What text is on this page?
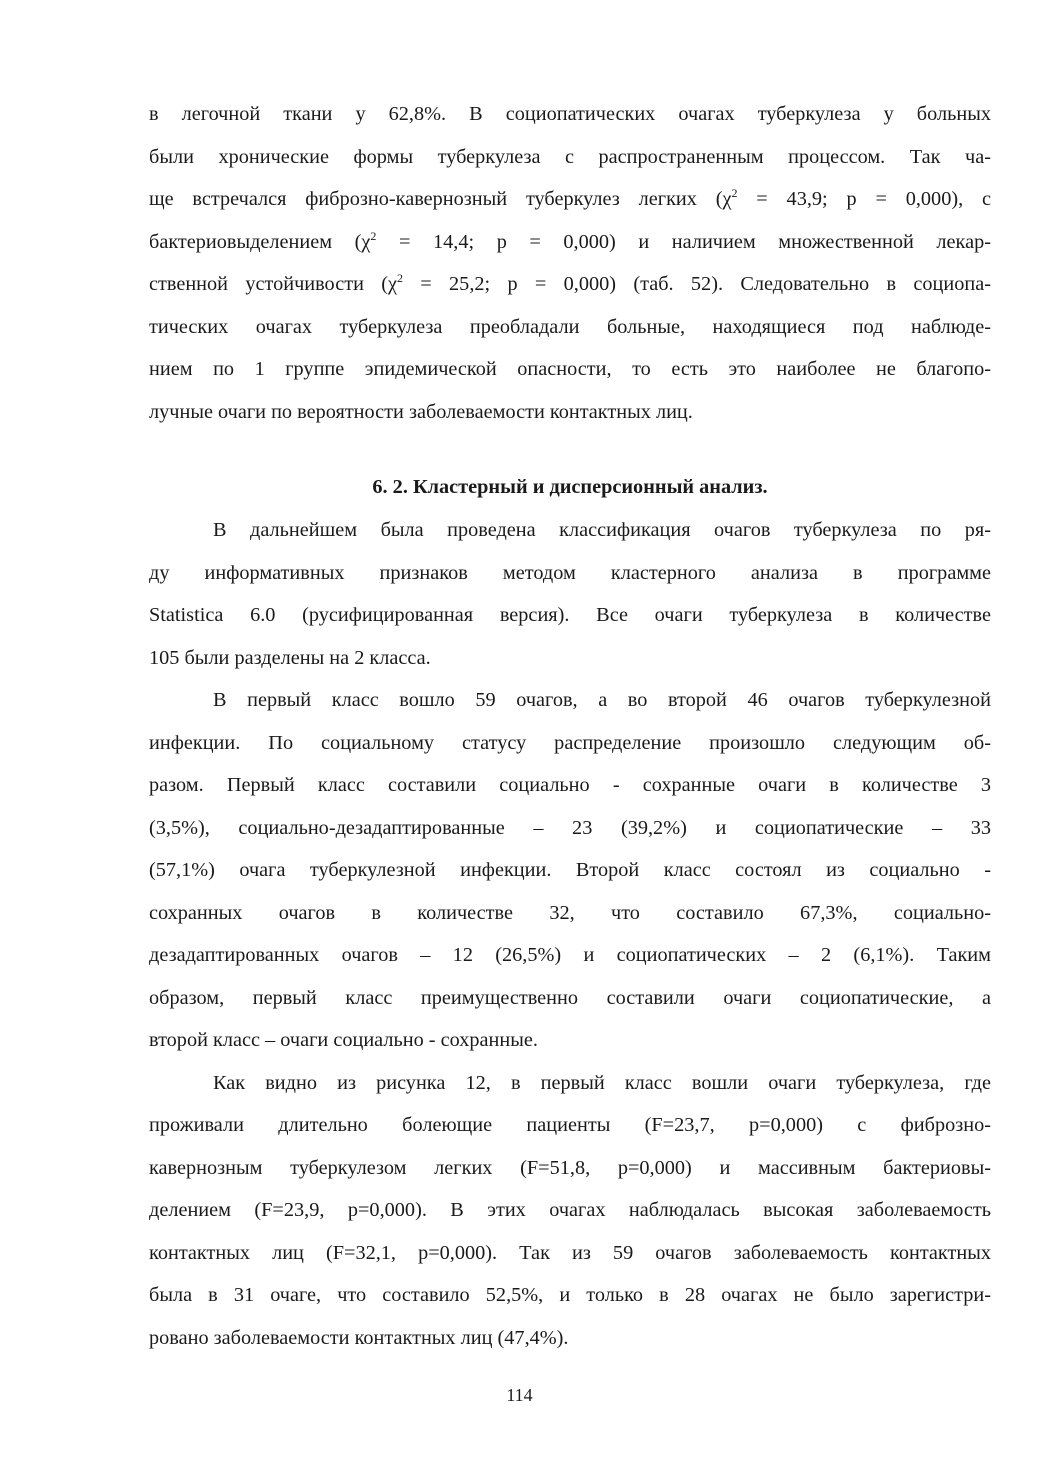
в легочной ткани у 62,8%. В социопатических очагах туберкулеза у больных
были хронические формы туберкулеза с распространенным процессом. Так ча-
ще встречался фиброзно-кавернозный туберкулез легких ($\chi^2 = 43,9$; р = 0,000), с
бактериовыделением ($\chi^2 = 14,4$; р = 0,000) и наличием множественной лекар-
ственной устойчивости ($\chi^2 = 25,2$; р = 0,000) (таб. 52). Следовательно в социопа-
тических очагах туберкулеза преобладали больные, находящиеся под наблюде-
нием по 1 группе эпидемической опасности, то есть это наиболее не благопо-
лучные очаги по вероятности заболеваемости контактных лиц.
6. 2. Кластерный и дисперсионный анализ.
В дальнейшем была проведена классификация очагов туберкулеза по ря-
ду информативных признаков методом кластерного анализа в программе
Statistica 6.0 (русифицированная версия). Все очаги туберкулеза в количестве
105 были разделены на 2 класса.
В первый класс вошло 59 очагов, а во второй 46 очагов туберкулезной
инфекции. По социальному статусу распределение произошло следующим об-
разом. Первый класс составили социально - сохранные очаги в количестве 3
(3,5%), социально-дезадаптированные – 23 (39,2%) и социопатические – 33
(57,1%) очага туберкулезной инфекции. Второй класс состоял из социально -
сохранных очагов в количестве 32, что составило 67,3%, социально-
дезадаптированных очагов – 12 (26,5%) и социопатических – 2 (6,1%). Таким
образом, первый класс преимущественно составили очаги социопатические, а
второй класс – очаги социально - сохранные.
Как видно из рисунка 12, в первый класс вошли очаги туберкулеза, где
проживали длительно болеющие пациенты (F=23,7, р=0,000) с фиброзно-
кавернозным туберкулезом легких (F=51,8, р=0,000) и массивным бактериовы-
делением (F=23,9, р=0,000). В этих очагах наблюдалась высокая заболеваемость
контактных лиц (F=32,1, р=0,000). Так из 59 очагов заболеваемость контактных
была в 31 очаге, что составило 52,5%, и только в 28 очагах не было зарегистри-
ровано заболеваемости контактных лиц (47,4%).
114
